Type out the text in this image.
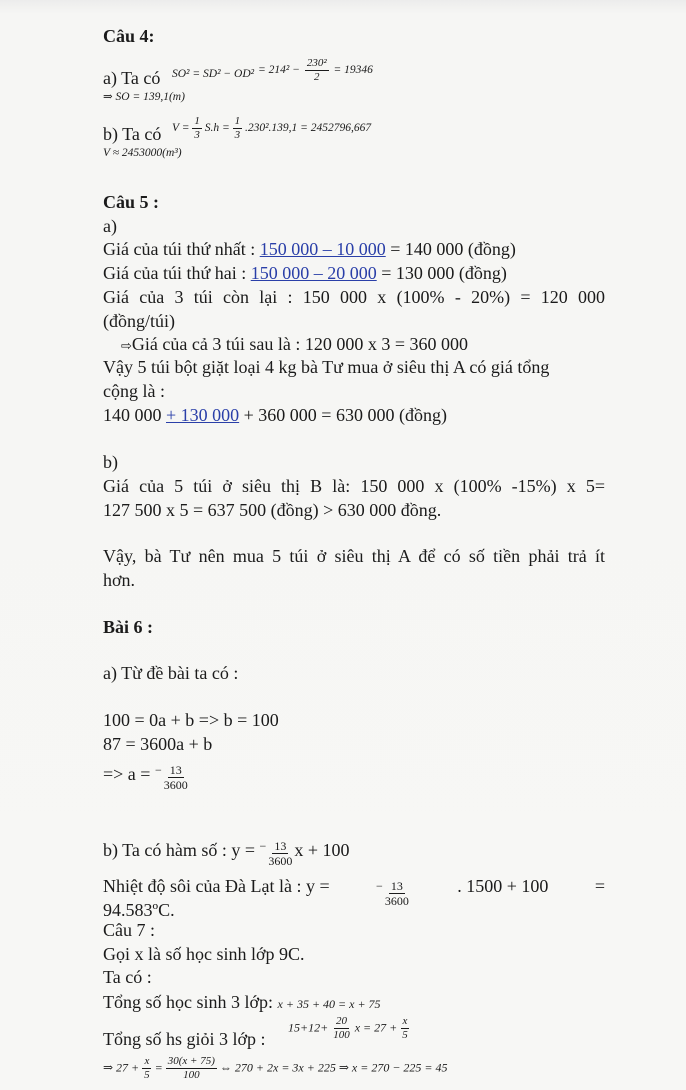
Câu 4:
a) Ta có $SO^2 = SD^2 - OD^2 = 214^2 - \frac{\text{230²}}{2} = 19346$
⇒ SO = 139,1(m)
b) Ta có $V = \frac{1}{3} S.h = \frac{1}{3} .230^2.139,1 = 2452796,667$
V ≈ 2453000(m³)
Câu 5 :
a)
Giá của túi thứ nhất : 150 000 – 10 000 = 140 000 (đồng)
Giá của túi thứ hai : 150 000 – 20 000 = 130 000 (đồng)
Giá của 3 túi còn lại : 150 000 x (100% - 20%) = 120 000
(đồng/túi)
⇨Giá của cả 3 túi sau là : 120 000 x 3 = 360 000
Vậy 5 túi bột giặt loại 4 kg bà Tư mua ở siêu thị A có giá tổng
cộng là :
140 000 + 130 000 + 360 000 = 630 000 (đồng)
b)
Giá của 5 túi ở siêu thị B là: 150 000 x (100% -15%) x 5=
127 500 x 5 = 637 500 (đồng) > 630 000 đồng.
Vậy, bà Tư nên mua 5 túi ở siêu thị A để có số tiền phải trả ít
hơn.
Bài 6 :
a) Từ đề bài ta có :
100 = 0a + b => b = 100
87 = 3600a + b
=> $a = ^- \frac{13}{3600}$
b) Ta có hàm số : $y = ^- \frac{13}{3600}$ x + 100
Nhiệt độ sôi của Đà Lạt là : y =	$^- \frac{13}{3600}$	. 1500 + 100	=
94.583ºC.
Câu 7 :
Gọi x là số học sinh lớp 9C.
Ta có :
Tổng số học sinh 3 lớp: x + 35 + 40 = x + 75
Tổng số hs giỏi 3 lớp :
$15+12+ \frac{20}{100}$ $x = 27 + \frac{x}{5}$
⇒ $27 + \frac{x}{5} = \frac{30(x + 75)}{100}$ ⇔ 270 + 2x = 3x + 225 ⇒ x = 270 − 225 = 45
